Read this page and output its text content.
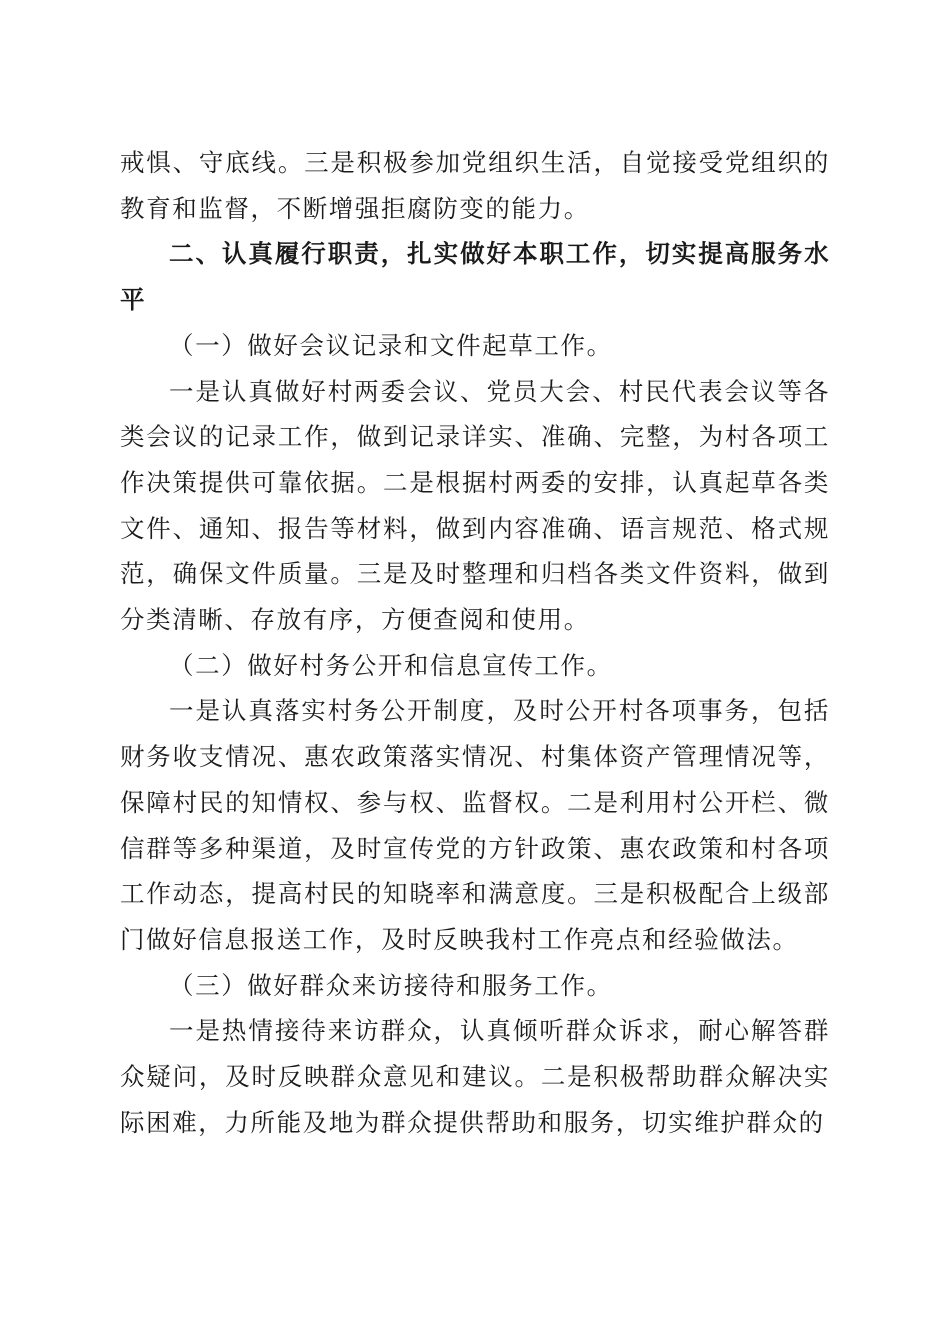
戒惧、守底线。三是积极参加党组织生活，自觉接受党组织的教育和监督，不断增强拒腐防变的能力。

二、认真履行职责，扎实做好本职工作，切实提高服务水平

（一）做好会议记录和文件起草工作。

一是认真做好村两委会议、党员大会、村民代表会议等各类会议的记录工作，做到记录详实、准确、完整，为村各项工作决策提供可靠依据。二是根据村两委的安排，认真起草各类文件、通知、报告等材料，做到内容准确、语言规范、格式规范，确保文件质量。三是及时整理和归档各类文件资料，做到分类清晰、存放有序，方便查阅和使用。

（二）做好村务公开和信息宣传工作。

一是认真落实村务公开制度，及时公开村各项事务，包括财务收支情况、惠农政策落实情况、村集体资产管理情况等，保障村民的知情权、参与权、监督权。二是利用村公开栏、微信群等多种渠道，及时宣传党的方针政策、惠农政策和村各项工作动态，提高村民的知晓率和满意度。三是积极配合上级部门做好信息报送工作，及时反映我村工作亮点和经验做法。

（三）做好群众来访接待和服务工作。

一是热情接待来访群众，认真倾听群众诉求，耐心解答群众疑问，及时反映群众意见和建议。二是积极帮助群众解决实际困难，力所能及地为群众提供帮助和服务，切实维护群众的
